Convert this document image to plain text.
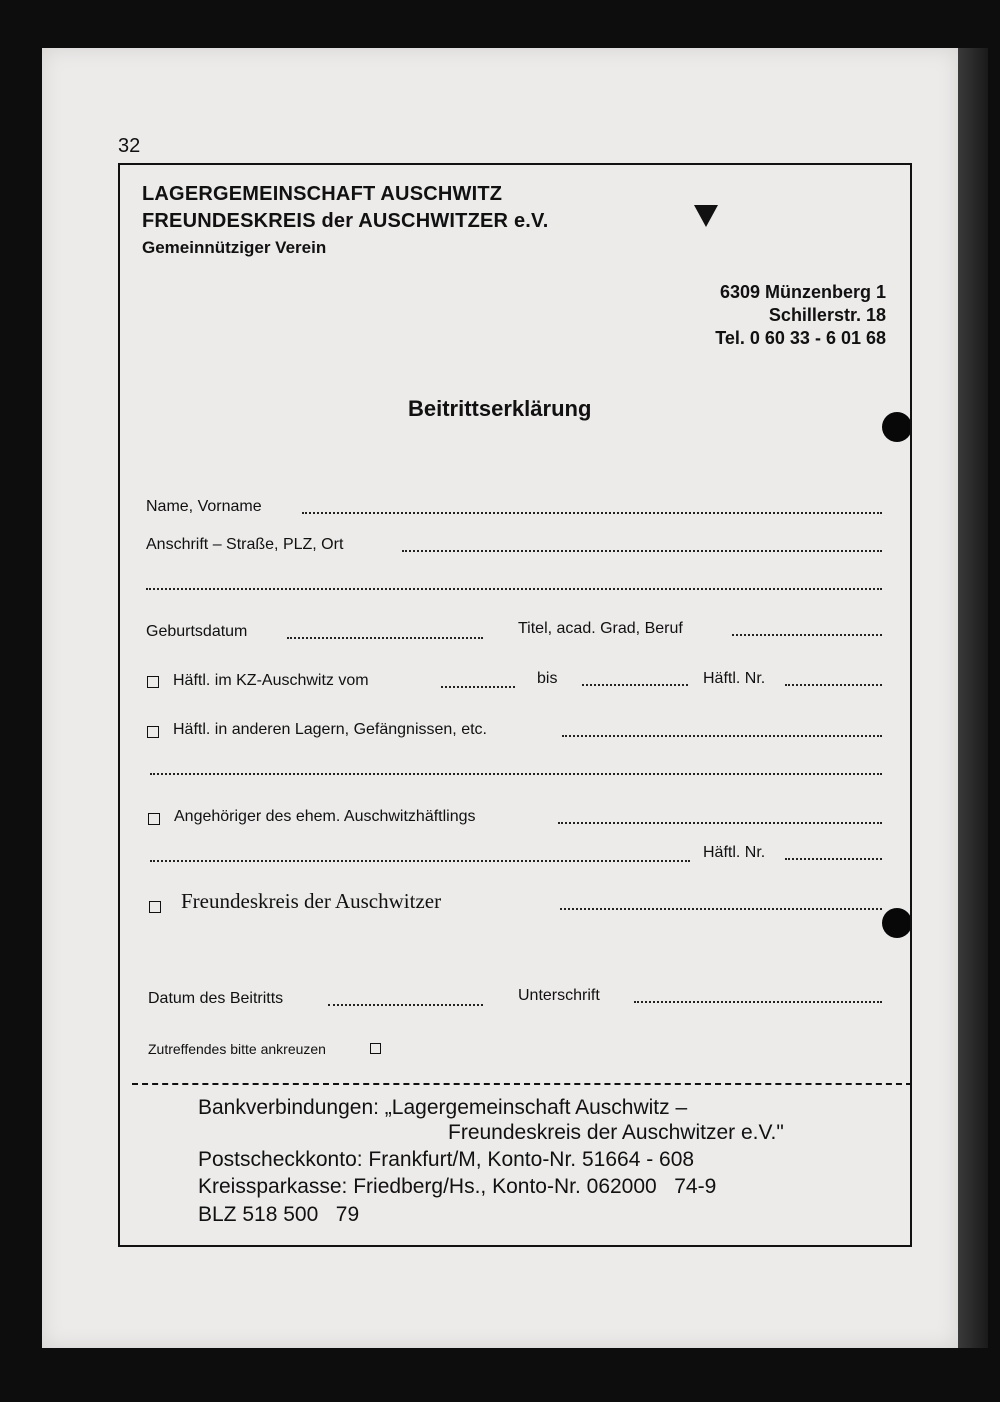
32
LAGERGEMEINSCHAFT AUSCHWITZ
FREUNDESKREIS der AUSCHWITZER e.V.
Gemeinnütziger Verein
6309 Münzenberg 1
Schillerstr. 18
Tel. 0 60 33 - 6 01 68
Beitrittserklärung
Name, Vorname
Anschrift – Straße, PLZ, Ort
Geburtsdatum	Titel, acad. Grad, Beruf
Häftl. im KZ-Auschwitz vom	bis	Häftl. Nr.
Häftl. in anderen Lagern, Gefängnissen, etc.
Angehöriger des ehem. Auschwitzhäftlings
Häftl. Nr.
Freundeskreis der Auschwitzer
Datum des Beitritts	Unterschrift
Zutreffendes bitte ankreuzen
Bankverbindungen: „Lagergemeinschaft Auschwitz –
Freundeskreis der Auschwitzer e.V."
Postscheckkonto: Frankfurt/M, Konto-Nr. 51664 - 608
Kreissparkasse: Friedberg/Hs., Konto-Nr. 062000   74-9
BLZ 518 500   79
